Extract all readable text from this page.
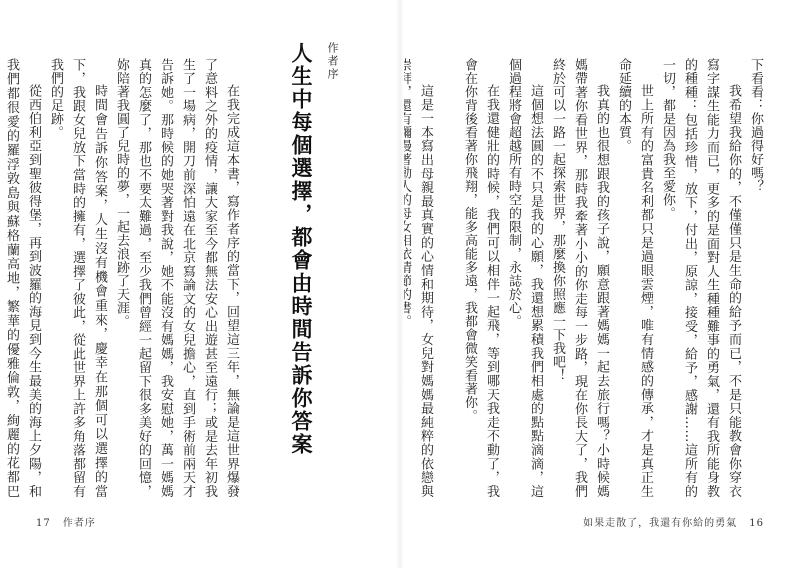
下看看：你過得好嗎？

我希望我給你的，不僅僅只是生命的給予而已，不是只能教會你穿衣寫字謀生能力而已，更多的是面對人生種種難事的勇氣，還有我所能身教的種種：包括珍惜，放下，付出，原諒，接受，給予，感謝……這所有的一切，都是因為我至愛你。

世上所有的富貴名利都只是過眼雲煙，唯有情感的傳承，才是真正生命延續的本質。

我真的也很想跟我的孩子說，願意跟著媽媽一起去旅行嗎？小時候媽媽帶著你看世界，那時我牽著小小的你走每一步路，現在你長大了，我們終於可以一路一起探索世界，那麼換你照應一下我吧！

這個想法圓的不只是我的心願，我還想累積我們相處的點點滴滴，這個過程將會超越所有時空的限制，永誌於心。

在我還健壯的時候，我們可以相伴一起飛，等到哪天我走不動了，我會在你背後看著你飛翔，能多高能多遠，我都會微笑看著你。

這是一本寫出母親最真實的心情和期待，女兒對媽媽最純粹的依戀與

如果走散了，我還有你給的勇氣 16
作者序
人生中每個選擇，都會由時間告訴你答案

在我完成這本書，寫作者序的當下，回望這三年，無論是這世界爆發了意料之外的疫情，讓大家至今都無法安心出遊甚至遠行；或是去年初我生了一場病，開刀前深怕遠在北京寫論文的女兒擔心，直到手術前兩天才告訴她。那時候的她哭著對我說，她不能沒有媽媽，我安慰她，萬一媽媽真的怎麼了，那也不要太難過，至少我們曾經一起留下很多美好的回憶，妳陪著我圓了兒時的夢，一起去浪跡了天涯。

時間會告訴你答案，人生沒有機會重來，慶幸在那個可以選擇的當下，我跟女兒放下當時的擁有，選擇了彼此，從此世界上許多角落都留有我們的足跡。

從西伯利亞到聖彼得堡，再到波羅的海見到今生最美的海上夕陽，和我們都很愛的羅浮敦島與蘇格蘭高地，繁華的優雅倫敦，絢麗的花都巴

17 作者序
